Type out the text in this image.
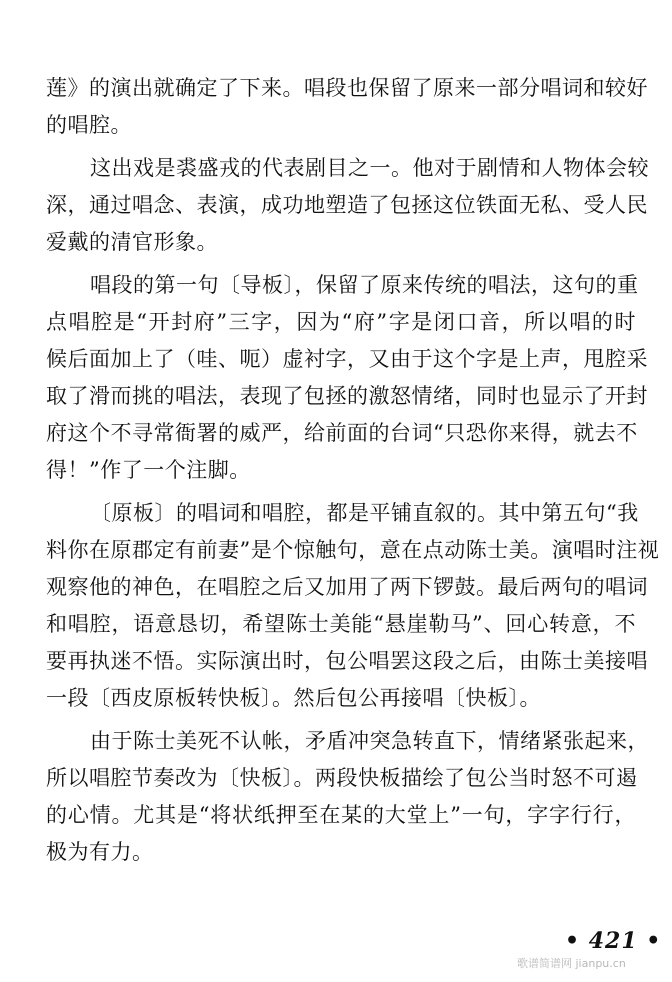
莲》的演出就确定了下来。唱段也保留了原来一部分唱词和较好
的唱腔。
这出戏是裘盛戎的代表剧目之一。他对于剧情和人物体会较
深，通过唱念、表演，成功地塑造了包拯这位铁面无私、受人民
爱戴的清官形象。
唱段的第一句〔导板〕，保留了原来传统的唱法，这句的重
点唱腔是“开封府”三字，因为“府”字是闭口音，所以唱的时
候后面加上了（哇、呃）虚衬字，又由于这个字是上声，甩腔采
取了滑而挑的唱法，表现了包拯的激怒情绪，同时也显示了开封
府这个不寻常衙署的威严，给前面的台词“只恐你来得，就去不
得！”作了一个注脚。
〔原板〕的唱词和唱腔，都是平铺直叙的。其中第五句“我
料你在原郡定有前妻”是个惊触句，意在点动陈士美。演唱时注视
观察他的神色，在唱腔之后又加用了两下锣鼓。最后两句的唱词
和唱腔，语意恳切，希望陈士美能“悬崖勒马”、回心转意，不
要再执迷不悟。实际演出时，包公唱罢这段之后，由陈士美接唱
一段〔西皮原板转快板〕。然后包公再接唱〔快板〕。
由于陈士美死不认帐，矛盾冲突急转直下，情绪紧张起来，
所以唱腔节奏改为〔快板〕。两段快板描绘了包公当时怒不可遏
的心情。尤其是“将状纸押至在某的大堂上”一句，字字行行，
极为有力。
• 421 •
歌谱简谱网 jianpu.cn
